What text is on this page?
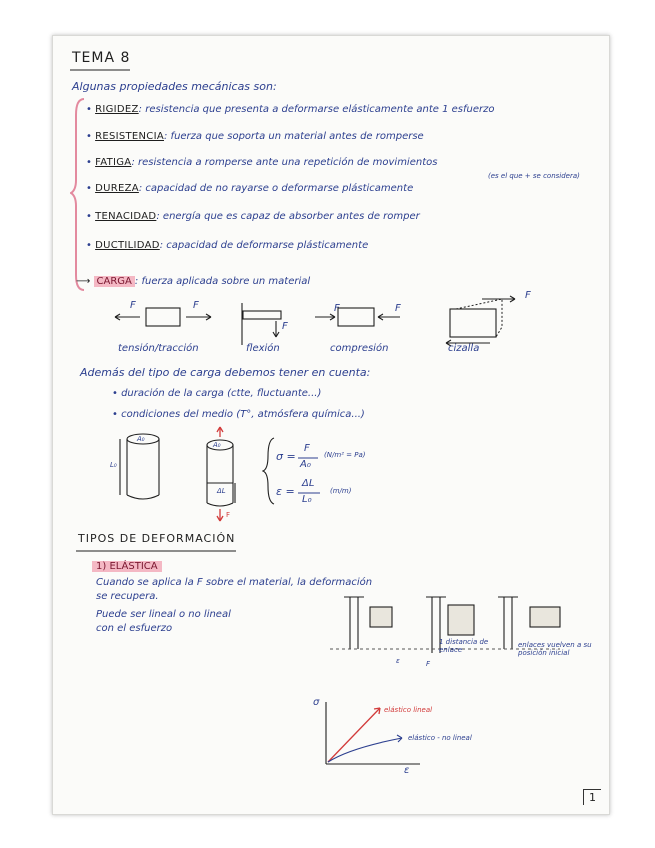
TEMA 8
Algunas propiedades mecánicas son:
• RIGIDEZ: resistencia que presenta a deformarse elásticamente ante 1 esfuerzo
• RESISTENCIA: fuerza que soporta un material antes de romperse
• FATIGA: resistencia a romperse ante una repetición de movimientos
(es el que + se considera)
• DUREZA: capacidad de no rayarse o deformarse plásticamente
• TENACIDAD: energía que es capaz de absorber antes de romper
• DUCTILIDAD: capacidad de deformarse plásticamente
⟶ CARGA : fuerza aplicada sobre un material
F	F
F
F	F
F
tensión/tracción	flexión	compresión	cizalla
Además del tipo de carga debemos tener en cuenta:
• duración de la carga (ctte, fluctuante...)
• condiciones del medio (T°, atmósfera química...)
A₀
A₀
L₀
ΔL
F
σ =
F
A₀
(N/m² = Pa)
ε =
ΔL
L₀
(m/m)
TIPOS DE DEFORMACIÓN
1) ELÁSTICA
Cuando se aplica la F sobre el material, la deformación
se recupera.
Puede ser lineal o no lineal
con el esfuerzo
1 distancia de enlace
enlaces vuelven a su posición inicial
F
ε
σ
ε
elástico lineal
elástico - no lineal
1
